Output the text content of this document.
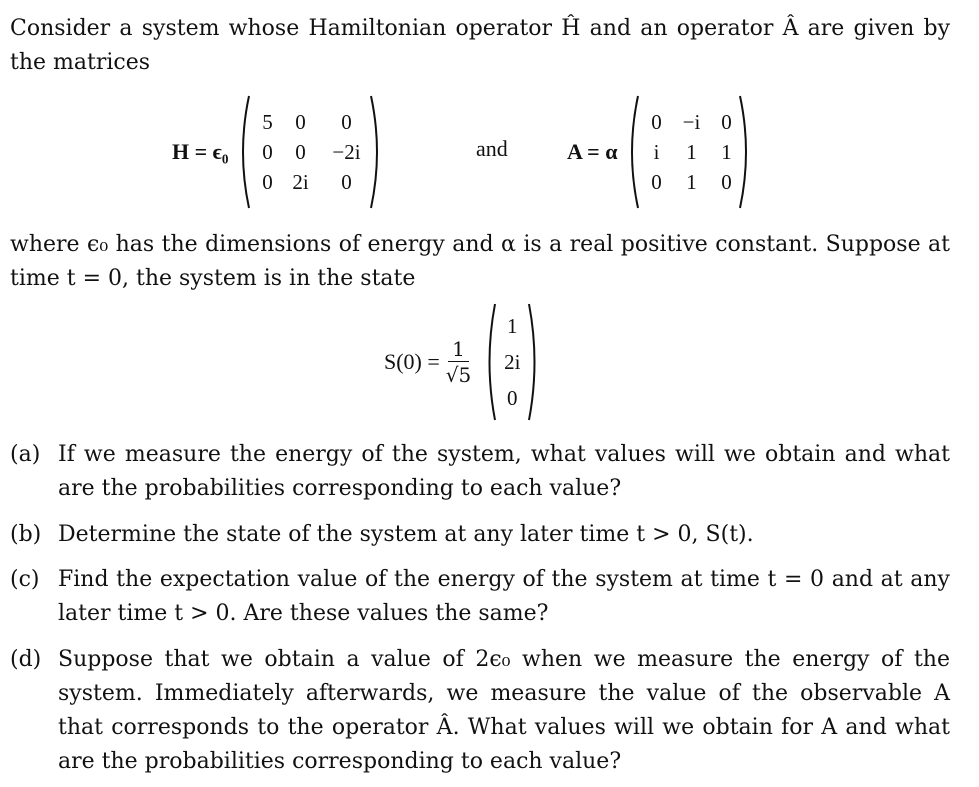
Consider a system whose Hamiltonian operator Ĥ and an operator Â are given by the matrices
H = ϵ₀
5 0 0
0 0 −2i
0 2i 0
and	A = α
0 −i 0
i 1 1
0 1 0
where ϵ₀ has the dimensions of energy and α is a real positive constant. Suppose at time t = 0, the system is in the state
$S(0) = \frac{1}{√5}$
1
2i
0
(a) If we measure the energy of the system, what values will we obtain and what are the probabilities corresponding to each value?
(b) Determine the state of the system at any later time t > 0, S(t).
(c) Find the expectation value of the energy of the system at time t = 0 and at any later time t > 0. Are these values the same?
(d) Suppose that we obtain a value of 2ϵ₀ when we measure the energy of the system. Immediately afterwards, we measure the value of the observable A that corresponds to the operator Â. What values will we obtain for A and what are the probabilities corresponding to each value?
